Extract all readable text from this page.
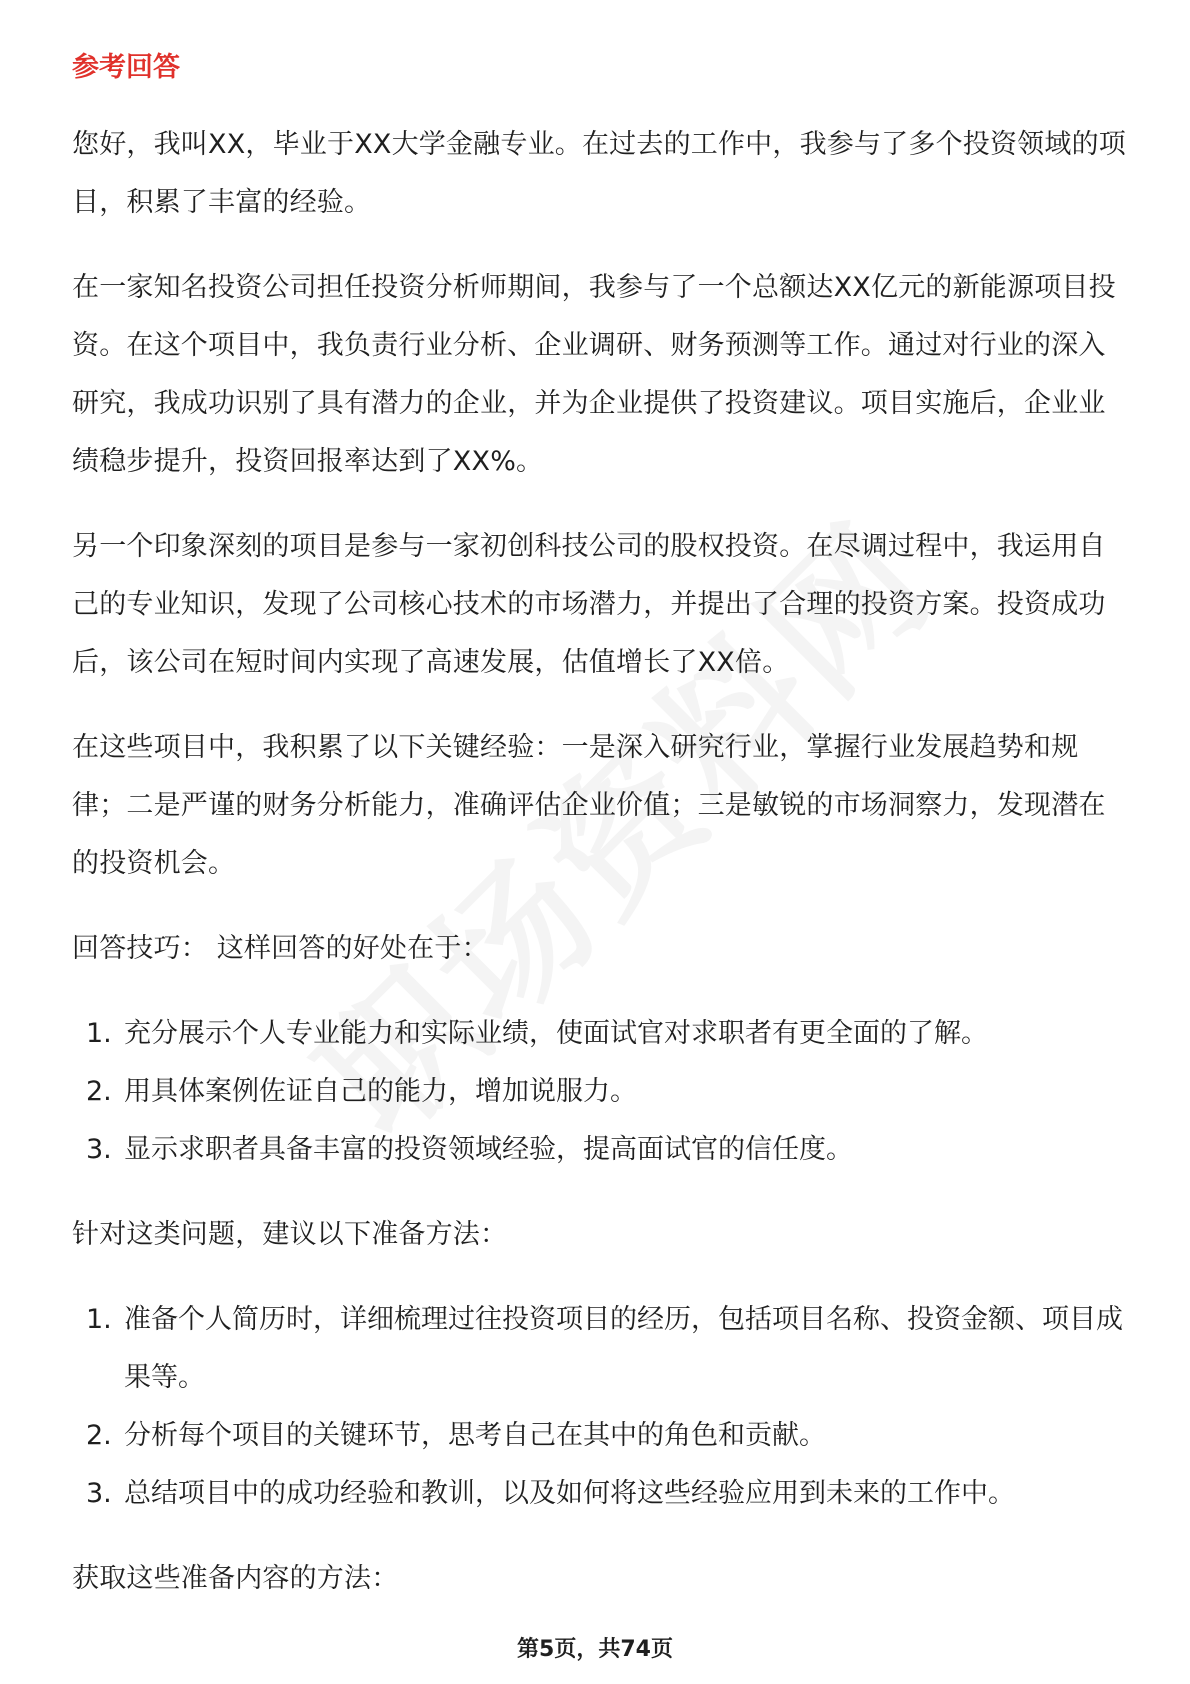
参考回答

您好，我叫XX，毕业于XX大学金融专业。在过去的工作中，我参与了多个投资领域的项目，积累了丰富的经验。

在一家知名投资公司担任投资分析师期间，我参与了一个总额达XX亿元的新能源项目投资。在这个项目中，我负责行业分析、企业调研、财务预测等工作。通过对行业的深入研究，我成功识别了具有潜力的企业，并为企业提供了投资建议。项目实施后，企业业绩稳步提升，投资回报率达到了XX%。

另一个印象深刻的项目是参与一家初创科技公司的股权投资。在尽调过程中，我运用自己的专业知识，发现了公司核心技术的市场潜力，并提出了合理的投资方案。投资成功后，该公司在短时间内实现了高速发展，估值增长了XX倍。

在这些项目中，我积累了以下关键经验：一是深入研究行业，掌握行业发展趋势和规律；二是严谨的财务分析能力，准确评估企业价值；三是敏锐的市场洞察力，发现潜在的投资机会。

回答技巧： 这样回答的好处在于：

1. 充分展示个人专业能力和实际业绩，使面试官对求职者有更全面的了解。
2. 用具体案例佐证自己的能力，增加说服力。
3. 显示求职者具备丰富的投资领域经验，提高面试官的信任度。

针对这类问题，建议以下准备方法：

1. 准备个人简历时，详细梳理过往投资项目的经历，包括项目名称、投资金额、项目成果等。
2. 分析每个项目的关键环节，思考自己在其中的角色和贡献。
3. 总结项目中的成功经验和教训，以及如何将这些经验应用到未来的工作中。

获取这些准备内容的方法：

第5页，共74页
